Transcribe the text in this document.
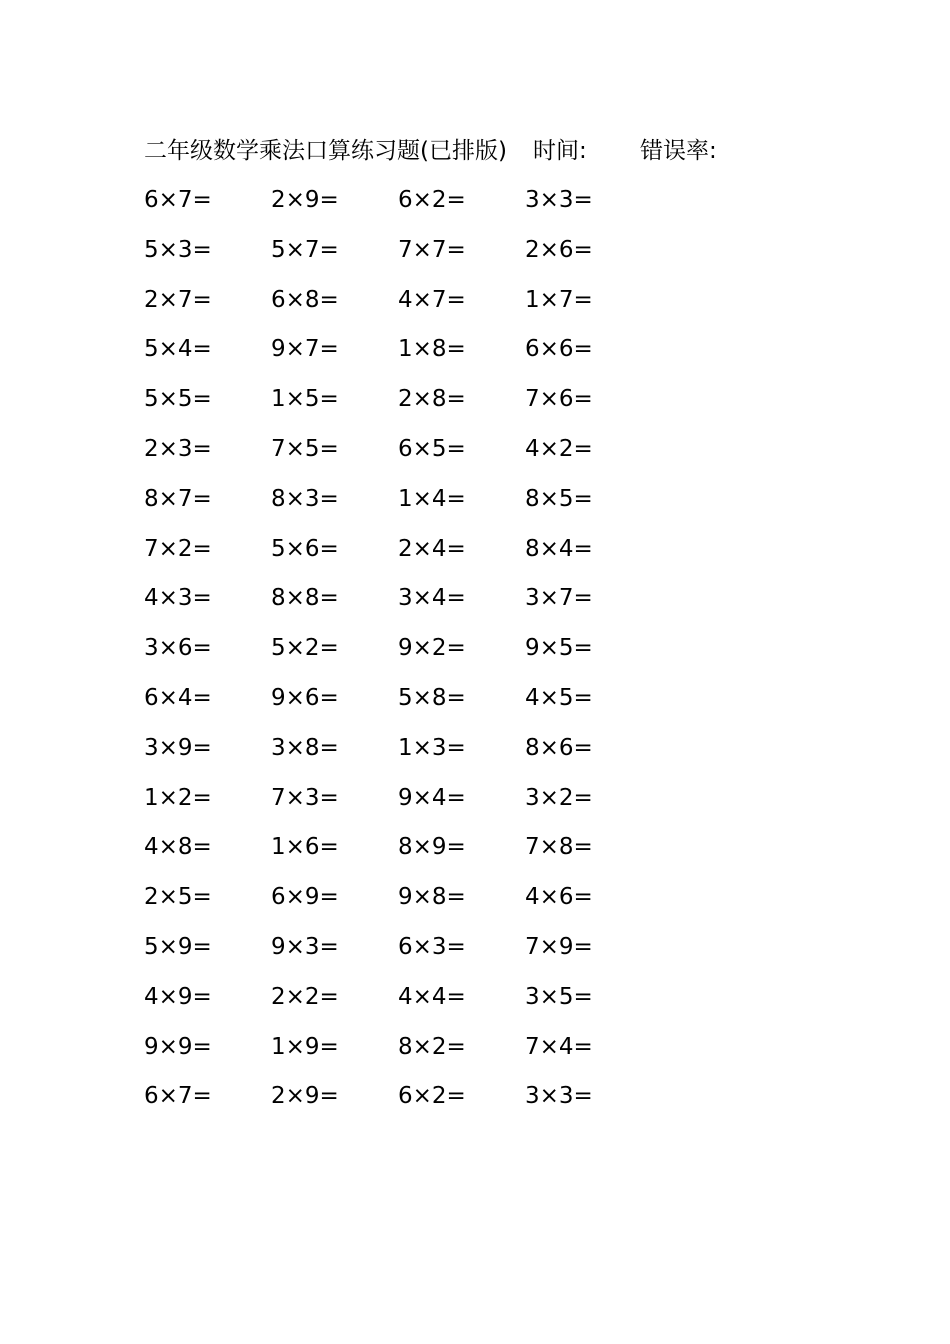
二年级数学乘法口算练习题(已排版) 时间: 错误率:
6×7=	2×9=	6×2=	3×3=
5×3=	5×7=	7×7=	2×6=
2×7=	6×8=	4×7=	1×7=
5×4=	9×7=	1×8=	6×6=
5×5=	1×5=	2×8=	7×6=
2×3=	7×5=	6×5=	4×2=
8×7=	8×3=	1×4=	8×5=
7×2=	5×6=	2×4=	8×4=
4×3=	8×8=	3×4=	3×7=
3×6=	5×2=	9×2=	9×5=
6×4=	9×6=	5×8=	4×5=
3×9=	3×8=	1×3=	8×6=
1×2=	7×3=	9×4=	3×2=
4×8=	1×6=	8×9=	7×8=
2×5=	6×9=	9×8=	4×6=
5×9=	9×3=	6×3=	7×9=
4×9=	2×2=	4×4=	3×5=
9×9=	1×9=	8×2=	7×4=
6×7=	2×9=	6×2=	3×3=
